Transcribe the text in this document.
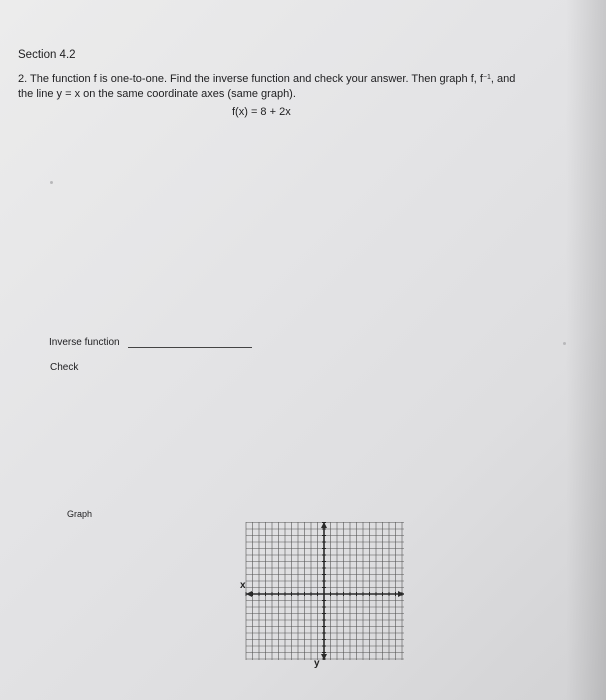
Section 4.2
2. The function f is one-to-one. Find the inverse function and check your answer. Then graph f, $f^{-1}$, and
the line y = x on the same coordinate axes (same graph).
f(x) = 8 + 2x
Inverse function
Check
Graph
x
y
